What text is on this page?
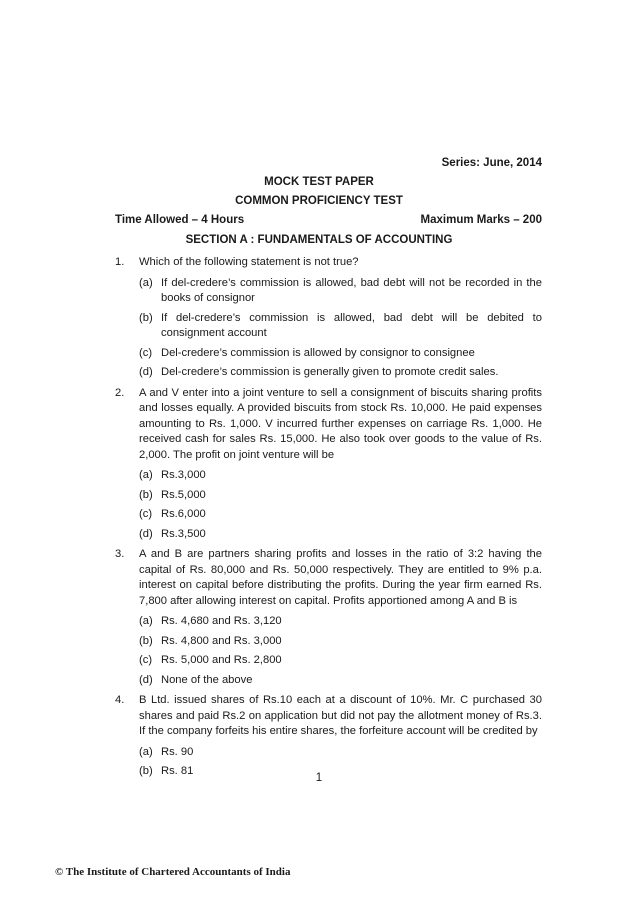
Series: June, 2014
MOCK TEST PAPER
COMMON PROFICIENCY TEST
Time Allowed – 4 Hours	Maximum Marks – 200
SECTION A : FUNDAMENTALS OF ACCOUNTING
1. Which of the following statement is not true?
(a) If del-credere’s commission is allowed, bad debt will not be recorded in the books of consignor
(b) If del-credere’s commission is allowed, bad debt will be debited to consignment account
(c) Del-credere’s commission is allowed by consignor to consignee
(d) Del-credere’s commission is generally given to promote credit sales.
2. A and V enter into a joint venture to sell a consignment of biscuits sharing profits and losses equally. A provided biscuits from stock Rs. 10,000. He paid expenses amounting to Rs. 1,000. V incurred further expenses on carriage Rs. 1,000. He received cash for sales Rs. 15,000. He also took over goods to the value of Rs. 2,000. The profit on joint venture will be
(a) Rs.3,000
(b) Rs.5,000
(c) Rs.6,000
(d) Rs.3,500
3. A and B are partners sharing profits and losses in the ratio of 3:2 having the capital of Rs. 80,000 and Rs. 50,000 respectively. They are entitled to 9% p.a. interest on capital before distributing the profits. During the year firm earned Rs. 7,800 after allowing interest on capital. Profits apportioned among A and B is
(a) Rs. 4,680 and Rs. 3,120
(b) Rs. 4,800 and Rs. 3,000
(c) Rs. 5,000 and Rs. 2,800
(d) None of the above
4. B Ltd. issued shares of Rs.10 each at a discount of 10%. Mr. C purchased 30 shares and paid Rs.2 on application but did not pay the allotment money of Rs.3. If the company forfeits his entire shares, the forfeiture account will be credited by
(a) Rs. 90
(b) Rs. 81
1
© The Institute of Chartered Accountants of India
